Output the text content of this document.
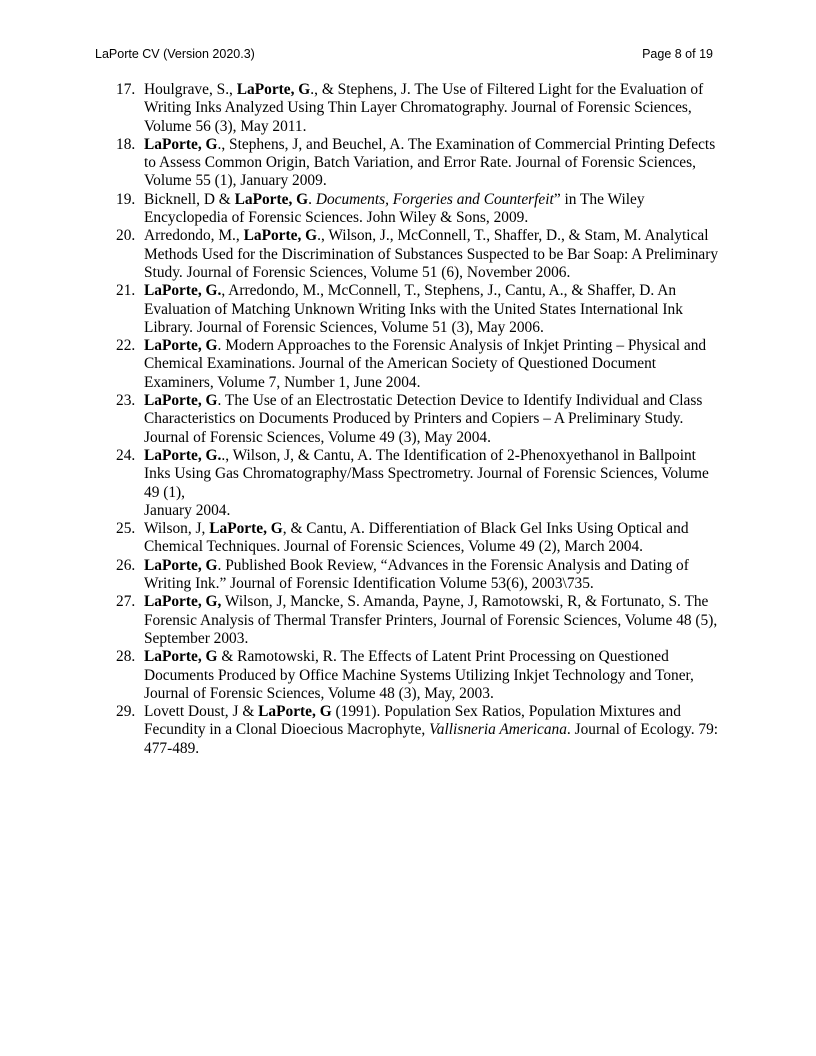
LaPorte CV (Version 2020.3)	Page 8 of 19
17. Houlgrave, S., LaPorte, G., & Stephens, J. The Use of Filtered Light for the Evaluation of Writing Inks Analyzed Using Thin Layer Chromatography. Journal of Forensic Sciences, Volume 56 (3), May 2011.
18. LaPorte, G., Stephens, J, and Beuchel, A. The Examination of Commercial Printing Defects to Assess Common Origin, Batch Variation, and Error Rate. Journal of Forensic Sciences, Volume 55 (1), January 2009.
19. Bicknell, D & LaPorte, G. Documents, Forgeries and Counterfeit” in The Wiley Encyclopedia of Forensic Sciences. John Wiley & Sons, 2009.
20. Arredondo, M., LaPorte, G., Wilson, J., McConnell, T., Shaffer, D., & Stam, M. Analytical Methods Used for the Discrimination of Substances Suspected to be Bar Soap: A Preliminary Study. Journal of Forensic Sciences, Volume 51 (6), November 2006.
21. LaPorte, G., Arredondo, M., McConnell, T., Stephens, J., Cantu, A., & Shaffer, D. An Evaluation of Matching Unknown Writing Inks with the United States International Ink Library. Journal of Forensic Sciences, Volume 51 (3), May 2006.
22. LaPorte, G. Modern Approaches to the Forensic Analysis of Inkjet Printing – Physical and Chemical Examinations. Journal of the American Society of Questioned Document Examiners, Volume 7, Number 1, June 2004.
23. LaPorte, G. The Use of an Electrostatic Detection Device to Identify Individual and Class Characteristics on Documents Produced by Printers and Copiers – A Preliminary Study. Journal of Forensic Sciences, Volume 49 (3), May 2004.
24. LaPorte, G.., Wilson, J, & Cantu, A. The Identification of 2-Phenoxyethanol in Ballpoint Inks Using Gas Chromatography/Mass Spectrometry. Journal of Forensic Sciences, Volume 49 (1),
January 2004.
25. Wilson, J, LaPorte, G, & Cantu, A. Differentiation of Black Gel Inks Using Optical and Chemical Techniques. Journal of Forensic Sciences, Volume 49 (2), March 2004.
26. LaPorte, G. Published Book Review, “Advances in the Forensic Analysis and Dating of Writing Ink.” Journal of Forensic Identification Volume 53(6), 2003\735.
27. LaPorte, G, Wilson, J, Mancke, S. Amanda, Payne, J, Ramotowski, R, & Fortunato, S. The Forensic Analysis of Thermal Transfer Printers, Journal of Forensic Sciences, Volume 48 (5), September 2003.
28. LaPorte, G & Ramotowski, R. The Effects of Latent Print Processing on Questioned Documents Produced by Office Machine Systems Utilizing Inkjet Technology and Toner, Journal of Forensic Sciences, Volume 48 (3), May, 2003.
29. Lovett Doust, J & LaPorte, G (1991). Population Sex Ratios, Population Mixtures and Fecundity in a Clonal Dioecious Macrophyte, Vallisneria Americana. Journal of Ecology. 79: 477-489.
